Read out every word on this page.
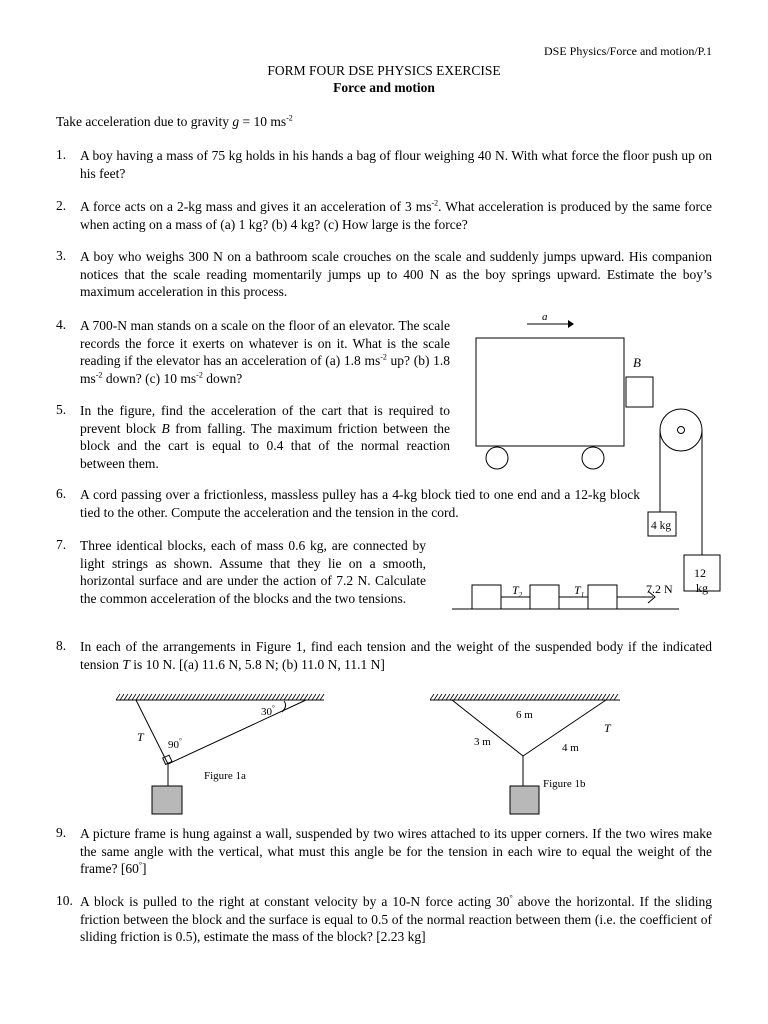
DSE Physics/Force and motion/P.1
FORM FOUR DSE PHYSICS EXERCISE
Force and motion
Take acceleration due to gravity g = 10 $ms^{-2}$
1. A boy having a mass of 75 kg holds in his hands a bag of flour weighing 40 N. With what force the floor push up on his feet?
2. A force acts on a 2-kg mass and gives it an acceleration of 3 $ms^{-2}$. What acceleration is produced by the same force when acting on a mass of (a) 1 kg? (b) 4 kg? (c) How large is the force?
3. A boy who weighs 300 N on a bathroom scale crouches on the scale and suddenly jumps upward. His companion notices that the scale reading momentarily jumps up to 400 N as the boy springs upward. Estimate the boy’s maximum acceleration in this process.
4. A 700-N man stands on a scale on the floor of an elevator. The scale records the force it exerts on whatever is on it. What is the scale reading if the elevator has an acceleration of (a) 1.8 $ms^{-2}$ up? (b) 1.8 $ms^{-2}$ down? (c) 10 $ms^{-2}$ down?
5. In the figure, find the acceleration of the cart that is required to prevent block B from falling. The maximum friction between the block and the cart is equal to 0.4 that of the normal reaction between them.
6. A cord passing over a frictionless, massless pulley has a 4-kg block tied to one end and a 12-kg block tied to the other. Compute the acceleration and the tension in the cord.
7. Three identical blocks, each of mass 0.6 kg, are connected by light strings as shown. Assume that they lie on a smooth, horizontal surface and are under the action of 7.2 N. Calculate the common acceleration of the blocks and the two tensions.
8. In each of the arrangements in Figure 1, find each tension and the weight of the suspended body if the indicated tension T is 10 N. [(a) 11.6 N, 5.8 N; (b) 11.0 N, 11.1 N]
9. A picture frame is hung against a wall, suspended by two wires attached to its upper corners. If the two wires make the same angle with the vertical, what must this angle be for the tension in each wire to equal the weight of the frame? [60°]
10. A block is pulled to the right at constant velocity by a 10-N force acting 30° above the horizontal. If the sliding friction between the block and the surface is equal to 0.5 of the normal reaction between them (i.e. the coefficient of sliding friction is 0.5), estimate the mass of the block? [2.23 kg]
a
B
4 kg
12
kg
$T_2$	$T_1$	7.2 N
30°
90°
T
Figure 1a
3 m
6 m
4 m
T
Figure 1b
